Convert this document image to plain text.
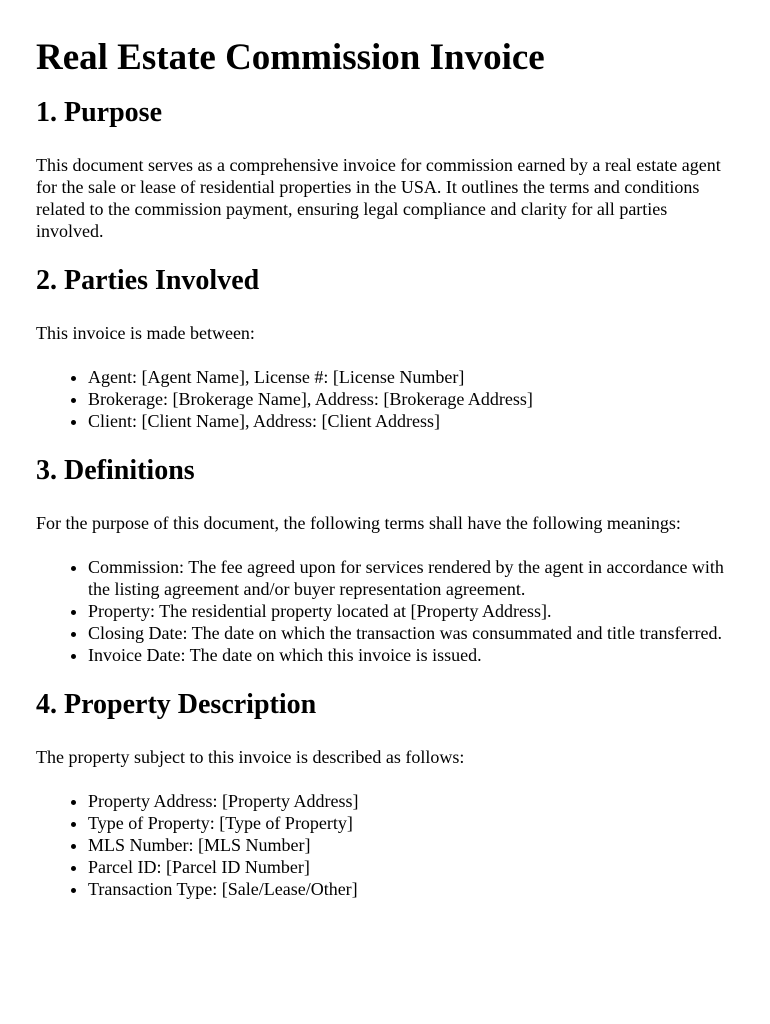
Real Estate Commission Invoice
1. Purpose

This document serves as a comprehensive invoice for commission earned by a real estate agent for the sale or lease of residential properties in the USA. It outlines the terms and conditions related to the commission payment, ensuring legal compliance and clarity for all parties involved.

2. Parties Involved

This invoice is made between:

• Agent: [Agent Name], License #: [License Number]
• Brokerage: [Brokerage Name], Address: [Brokerage Address]
• Client: [Client Name], Address: [Client Address]
3. Definitions

For the purpose of this document, the following terms shall have the following meanings:

• Commission: The fee agreed upon for services rendered by the agent in accordance with the listing agreement and/or buyer representation agreement.
• Property: The residential property located at [Property Address].
• Closing Date: The date on which the transaction was consummated and title transferred.
• Invoice Date: The date on which this invoice is issued.
4. Property Description

The property subject to this invoice is described as follows:

• Property Address: [Property Address]
• Type of Property: [Type of Property]
• MLS Number: [MLS Number]
• Parcel ID: [Parcel ID Number]
• Transaction Type: [Sale/Lease/Other]
